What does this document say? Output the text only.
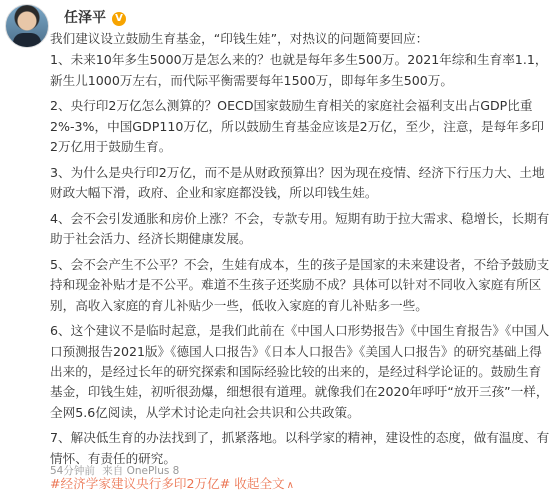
任泽平 V

我们建议设立鼓励生育基金，“印钱生娃”，对热议的问题简要回应：

1、未来10年多生5000万是怎么来的？也就是每年多生500万。2021年综和生育率1.1，新生儿1000万左右，而代际平衡需要每年1500万，即每年多生500万。

2、央行印2万亿怎么测算的？OECD国家鼓励生育相关的家庭社会福利支出占GDP比重2%-3%，中国GDP110万亿，所以鼓励生育基金应该是2万亿，至少，注意，是每年多印2万亿用于鼓励生育。

3、为什么是央行印2万亿，而不是从财政预算出？因为现在疫情、经济下行压力大、土地财政大幅下滑，政府、企业和家庭都没钱，所以印钱生娃。

4、会不会引发通胀和房价上涨？不会，专款专用。短期有助于拉大需求、稳增长，长期有助于社会活力、经济长期健康发展。

5、会不会产生不公平？不会，生娃有成本，生的孩子是国家的未来建设者，不给予鼓励支持和现金补贴才是不公平。难道不生孩子还奖励不成？具体可以针对不同收入家庭有所区别，高收入家庭的育儿补贴少一些，低收入家庭的育儿补贴多一些。

6、这个建议不是临时起意，是我们此前在《中国人口形势报告》《中国生育报告》《中国人口预测报告2021版》《德国人口报告》《日本人口报告》《美国人口报告》的研究基础上得出来的，是经过长年的研究探索和国际经验比较的出来的，是经过科学论证的。鼓励生育基金，印钱生娃，初听很劲爆，细想很有道理。就像我们在2020年呼吁“放开三孩”一样，全网5.6亿阅读，从学术讨论走向社会共识和公共政策。

7、解决低生育的办法找到了，抓紧落地。以科学家的精神，建设性的态度，做有温度、有情怀、有责任的研究。

#经济学家建议央行多印2万亿# 收起全文 ∧

54分钟前 来自 OnePlus 8
